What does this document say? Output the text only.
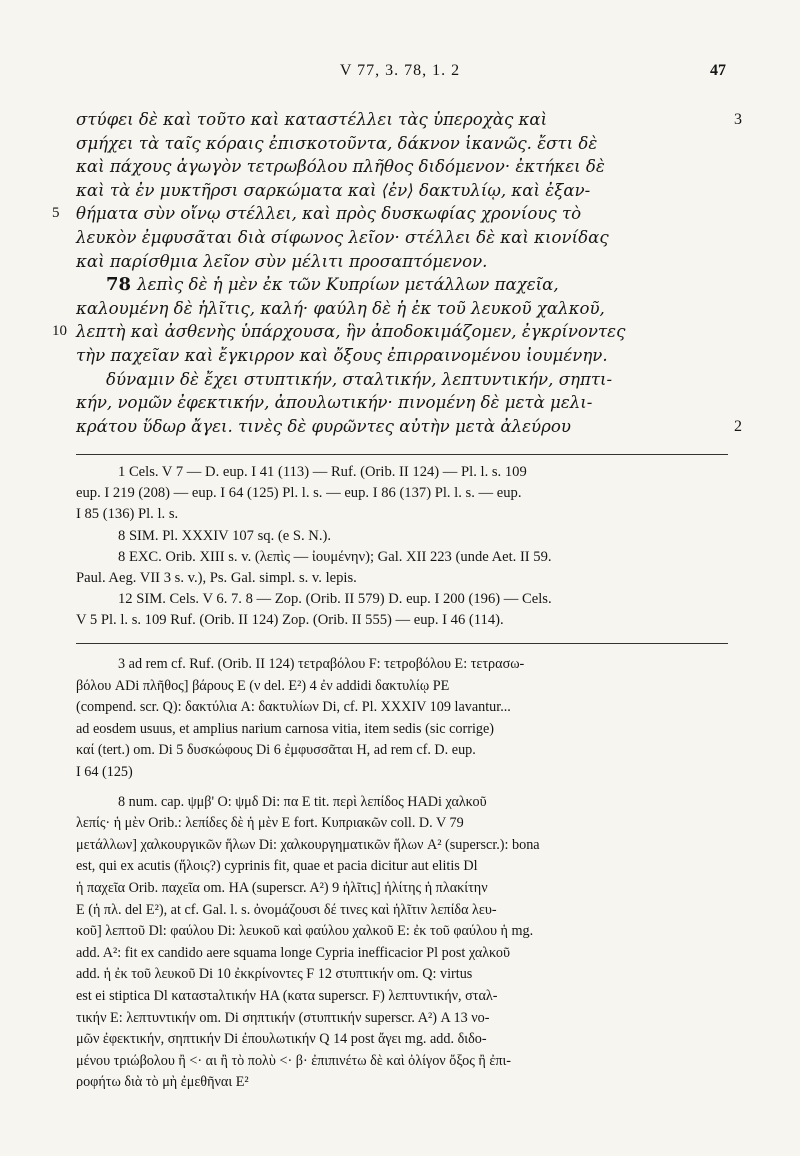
V 77, 3. 78, 1. 2	47
στύφει δὲ καὶ τοῦτο καὶ καταστέλλει τὰς ὑπεροχὰς καὶ	3
σμήχει τὰ ταῖς κόραις ἐπισκοτοῦντα, δάκνον ἱκανῶς. ἔστι δὲ
καὶ πάχους ἀγωγὸν τετρωβόλου πλῆθος διδόμενον· ἐκτήκει δὲ
καὶ τὰ ἐν μυκτῆρσι σαρκώματα καὶ ⟨ἐν⟩ δακτυλίῳ, καὶ ἐξαν-
5 θήματα σὺν οἴνῳ στέλλει, καὶ πρὸς δυσκωφίας χρονίους τὸ
λευκὸν ἐμφυσᾶται διὰ σίφωνος λεῖον· στέλλει δὲ καὶ κιονίδας
καὶ παρίσθμια λεῖον σὺν μέλιτι προσαπτόμενον.
78 λεπὶς δὲ ἡ μὲν ἐκ τῶν Κυπρίων μετάλλων παχεῖα,
καλουμένη δὲ ἡλῖτις, καλή· φαύλη δὲ ἡ ἐκ τοῦ λευκοῦ χαλκοῦ,
10 λεπτὴ καὶ ἀσθενὴς ὑπάρχουσα, ἣν ἀποδοκιμάζομεν, ἐγκρίνοντες
τὴν παχεῖαν καὶ ἔγκιρρον καὶ ὄξους ἐπιρραινομένου ἰουμένην.
δύναμιν δὲ ἔχει στυπτικήν, σταλτικήν, λεπτυντικήν, σηπτι-
κήν, νομῶν ἐφεκτικήν, ἀπουλωτικήν· πινομένη δὲ μετὰ μελι-
κράτου ὕδωρ ἄγει. τινὲς δὲ φυρῶντες αὐτὴν μετὰ ἀλεύρου	2
1 Cels. V 7 — D. eup. I 41 (113) — Ruf. (Orib. II 124) — Pl. l. s. 109
eup. I 219 (208) — eup. I 64 (125) Pl. l. s. — eup. I 86 (137) Pl. l. s. — eup.
I 85 (136) Pl. l. s.
8 SIM. Pl. XXXIV 107 sq. (e S. N.).
8 EXC. Orib. XIII s. v. (λεπὶς — ἰουμένην); Gal. XII 223 (unde Aet. II 59.
Paul. Aeg. VII 3 s. v.), Ps. Gal. simpl. s. v. lepis.
12 SIM. Cels. V 6. 7. 8 — Zop. (Orib. II 579) D. eup. I 200 (196) — Cels.
V 5 Pl. l. s. 109 Ruf. (Orib. II 124) Zop. (Orib. II 555) — eup. I 46 (114).
3 ad rem cf. Ruf. (Orib. II 124) τετραβόλου F: τετροβόλου E: τετρασω-
βόλου ADi πλῆθος] βάρους E (ν del. E²) 4 ἐν addidi δακτυλίῳ PE
(compend. scr. Q): δακτύλια A: δακτυλίων Di, cf. Pl. XXXIV 109 lavantur...
ad eosdem usuus, et amplius narium carnosa vitia, item sedis (sic corrige)
καί (tert.) om. Di 5 δυσκώφους Di 6 ἐμφυσσᾶται H, ad rem cf. D. eup.
I 64 (125)
8 num. cap. ψμβ' O: ψμδ Di: πα E tit. περὶ λεπίδος HADi χαλκοῦ
λεπίς· ἡ μὲν Orib.: λεπίδες δὲ ἡ μὲν E fort. Κυπριακῶν coll. D. V 79
μετάλλων] χαλκουργικῶν ἥλων Di: χαλκουργηματικῶν ἥλων A² (superscr.): bona
est, qui ex acutis (ἥλοις?) cyprinis fit, quae et pacia dicitur aut elitis Dl
ἡ παχεῖα Orib. παχεῖα om. HA (superscr. A²) 9 ἡλῖτις] ἡλίτης ἡ πλακίτην
E (ἡ πλ. del E²), at cf. Gal. l. s. ὀνομάζουσι δέ τινες καὶ ἡλῖτιν λεπίδα λευ-
κοῦ] λεπτοῦ Dl: φαύλου Di: λευκοῦ καὶ φαύλου χαλκοῦ E: ἐκ τοῦ φαύλου ἡ mg.
add. A²: fit ex candido aere squama longe Cypria inefficacior Pl post χαλκοῦ
add. ἡ ἐκ τοῦ λευκοῦ Di 10 ἐκκρίνοντες F 12 στυπτικήν om. Q: virtus
est ei stiptica Dl καταστaλτικήν HA (κατα superscr. F) λεπτυντικήν, σταλ-
τικήν E: λεπτυντικήν om. Di σηπτικήν (στυπτικήν superscr. A²) A 13 νο-
μῶν ἐφεκτικήν, σηπτικήν Di ἐπουλωτικήν Q 14 post ἄγει mg. add. διδο-
μένου τριώβολου ἢ <· αι ἢ τὸ πολὺ <· β· ἐπιπινέτω δὲ καὶ ὀλίγον ὄξος ἢ ἐπι-
ροφήτω διὰ τὸ μὴ ἐμεθῆναι E²
